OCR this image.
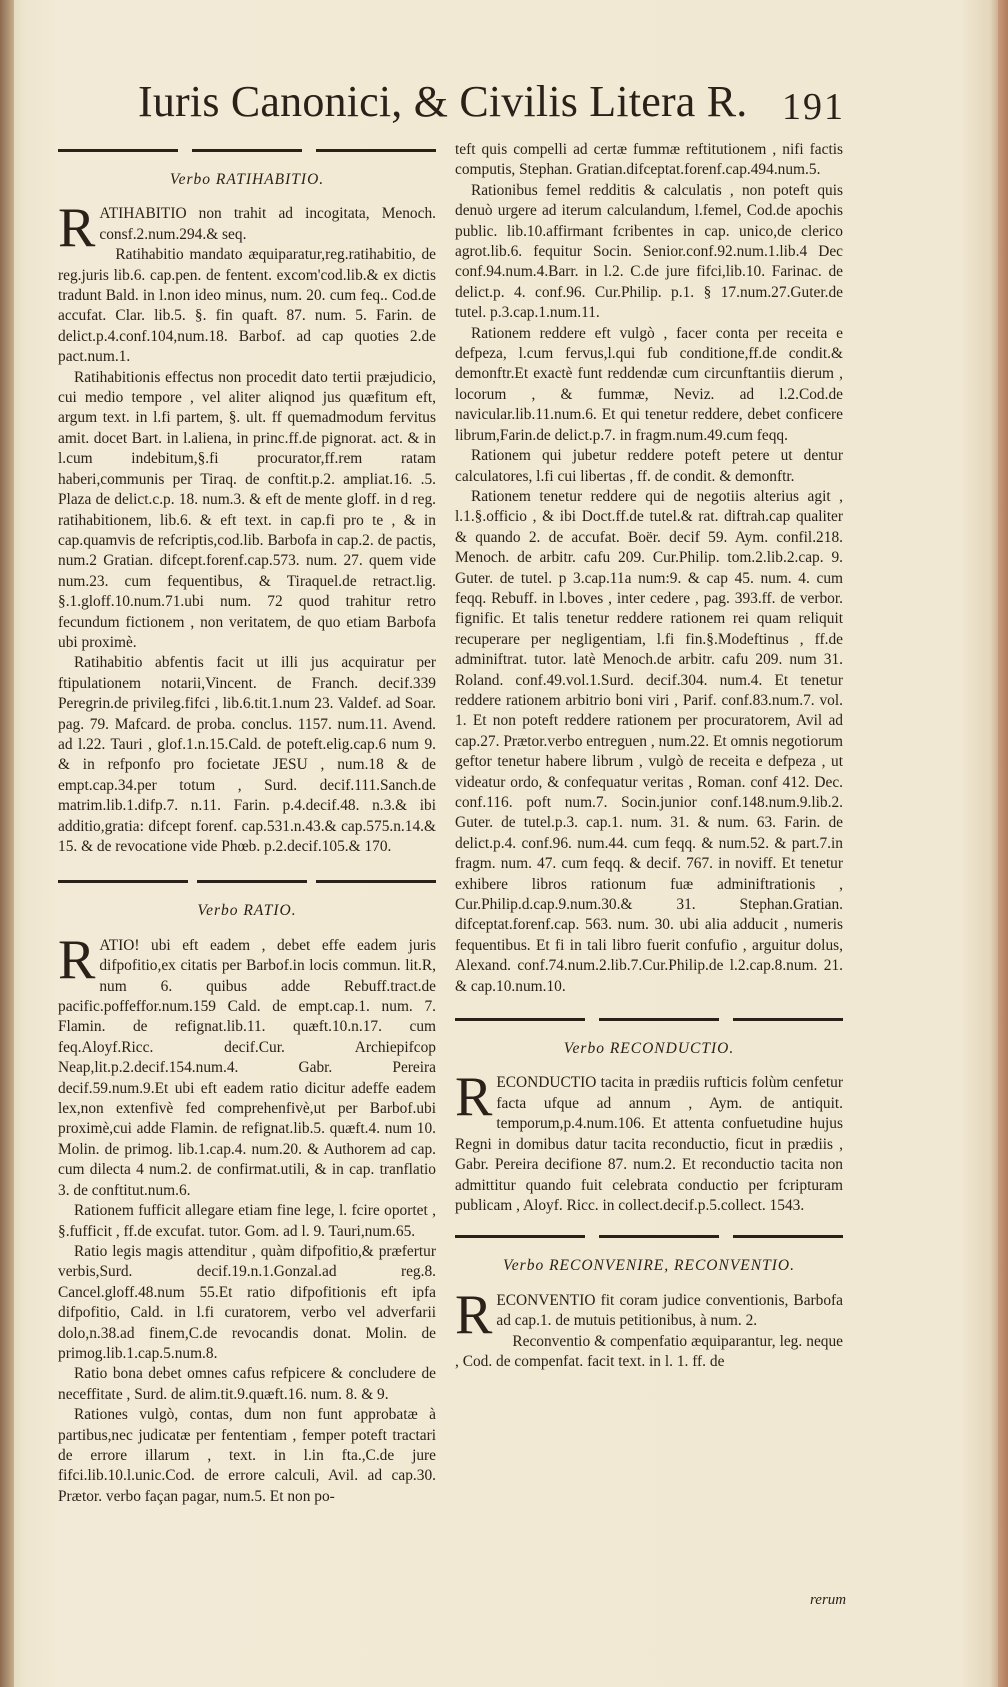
Iuris Canonici, & Civilis Litera R. 191
Verbo RATIHABITIO.

RATIHABITIO non trahit ad incogitata, Menoch. consf.2.num.294.& seq.

Ratihabitio mandato æquiparatur,reg.ratihabitio, de reg.juris lib.6. cap.pen. de fentent. excom'cod.lib.& ex dictis tradunt Bald. in l.non ideo minus, num. 20. cum feq.. Cod.de accufat. Clar. lib.5. §. fin quaft. 87. num. 5. Farin. de delict.p.4.conf.104,num.18. Barbof. ad cap quoties 2.de pact.num.1.

Ratihabitionis effectus non procedit dato tertii præjudicio, cui medio tempore , vel aliter aliqnod jus quæfitum eft, argum text. in l.fi partem, §. ult. ff quemadmodum fervitus amit. docet Bart. in l.aliena, in princ.ff.de pignorat. act. & in l.cum indebitum,§.fi procurator,ff.rem ratam haberi,communis per Tiraq. de conftit.p.2. ampliat.16. .5. Plaza de delict.c.p. 18. num.3. & eft de mente gloff. in d reg. ratihabitionem, lib.6. & eft text. in cap.fi pro te , & in cap.quamvis de refcriptis,cod.lib. Barbofa in cap.2. de pactis, num.2 Gratian. difcept.forenf.cap.573. num. 27. quem vide num.23. cum fequentibus, & Tiraquel.de retract.lig. §.1.gloff.10.num.71.ubi num. 72 quod trahitur retro fecundum fictionem , non veritatem, de quo etiam Barbofa ubi proximè.

Ratihabitio abfentis facit ut illi jus acquiratur per ftipulationem notarii,Vincent. de Franch. decif.339 Peregrin.de privileg.fifci , lib.6.tit.1.num 23. Valdef. ad Soar. pag. 79. Mafcard. de proba. conclus. 1157. num.11. Avend. ad l.22. Tauri , glof.1.n.15.Cald. de poteft.elig.cap.6 num 9. & in refponfo pro focietate JESU , num.18 & de empt.cap.34.per totum , Surd. decif.111.Sanch.de matrim.lib.1.difp.7. n.11. Farin. p.4.decif.48. n.3.& ibi additio,gratia: difcept forenf. cap.531.n.43.& cap.575.n.14.& 15. & de revocatione vide Phœb. p.2.decif.105.& 170.

Verbo RATIO.

RATIO! ubi eft eadem , debet effe eadem juris difpofitio,ex citatis per Barbof.in locis commun. lit.R, num 6. quibus adde Rebuff.tract.de pacific.poffeffor.num.159 Cald. de empt.cap.1. num. 7. Flamin. de refignat.lib.11. quæft.10.n.17. cum feq.Aloyf.Ricc. decif.Cur. Archiepifcop Neap,lit.p.2.decif.154.num.4. Gabr. Pereira decif.59.num.9.Et ubi eft eadem ratio dicitur adeffe eadem lex,non extenfivè fed comprehenfivè,ut per Barbof.ubi proximè,cui adde Flamin. de refignat.lib.5. quæft.4. num 10. Molin. de primog. lib.1.cap.4. num.20. & Authorem ad cap. cum dilecta 4 num.2. de confirmat.utili, & in cap. tranflatio 3. de conftitut.num.6.

Rationem fufficit allegare etiam fine lege, l. fcire oportet , §.fufficit , ff.de excufat. tutor. Gom. ad l. 9. Tauri,num.65.

Ratio legis magis attenditur , quàm difpofitio,& præfertur verbis,Surd. decif.19.n.1.Gonzal.ad reg.8. Cancel.gloff.48.num 55.Et ratio difpofitionis eft ipfa difpofitio, Cald. in l.fi curatorem, verbo vel adverfarii dolo,n.38.ad finem,C.de revocandis donat. Molin. de primog.lib.1.cap.5.num.8.

Ratio bona debet omnes cafus refpicere & concludere de neceffitate , Surd. de alim.tit.9.quæft.16. num. 8. & 9.

Rationes vulgò, contas, dum non funt approbatæ à partibus,nec judicatæ per fententiam , femper poteft tractari de errore illarum , text. in l.in fta.,C.de jure fifci.lib.10.l.unic.Cod. de errore calculi, Avil. ad cap.30. Prætor. verbo façan pagar, num.5. Et non po-

teft quis compelli ad certæ fummæ reftitutionem , nifi factis computis, Stephan. Gratian.difceptat.forenf.cap.494.num.5.

Rationibus femel redditis & calculatis , non poteft quis denuò urgere ad iterum calculandum, l.femel, Cod.de apochis public. lib.10.affirmant fcribentes in cap. unico,de clerico agrot.lib.6. fequitur Socin. Senior.conf.92.num.1.lib.4 Dec conf.94.num.4.Barr. in l.2. C.de jure fifci,lib.10. Farinac. de delict.p. 4. conf.96. Cur.Philip. p.1. § 17.num.27.Guter.de tutel. p.3.cap.1.num.11.

Rationem reddere eft vulgò , facer conta per receita e defpeza, l.cum fervus,l.qui fub conditione,ff.de condit.& demonftr.Et exactè funt reddendæ cum circunftantiis dierum , locorum , & fummæ, Neviz. ad l.2.Cod.de navicular.lib.11.num.6. Et qui tenetur reddere, debet conficere librum,Farin.de delict.p.7. in fragm.num.49.cum feqq.

Rationem qui jubetur reddere poteft petere ut dentur calculatores, l.fi cui libertas , ff. de condit. & demonftr.

Rationem tenetur reddere qui de negotiis alterius agit , l.1.§.officio , & ibi Doct.ff.de tutel.& rat. diftrah.cap qualiter & quando 2. de accufat. Boër. decif 59. Aym. confil.218. Menoch. de arbitr. cafu 209. Cur.Philip. tom.2.lib.2.cap. 9. Guter. de tutel. p 3.cap.11a num:9. & cap 45. num. 4. cum feqq. Rebuff. in l.boves , inter cedere , pag. 393.ff. de verbor. fignific. Et talis tenetur reddere rationem rei quam reliquit recuperare per negligentiam, l.fi fin.§.Modeftinus , ff.de adminiftrat. tutor. latè Menoch.de arbitr. cafu 209. num 31. Roland. conf.49.vol.1.Surd. decif.304. num.4. Et tenetur reddere rationem arbitrio boni viri , Parif. conf.83.num.7. vol. 1. Et non poteft reddere rationem per procuratorem, Avil ad cap.27. Prætor.verbo entreguen , num.22. Et omnis negotiorum geftor tenetur habere librum , vulgò de receita e defpeza , ut videatur ordo, & confequatur veritas , Roman. conf 412. Dec. conf.116. poft num.7. Socin.junior conf.148.num.9.lib.2. Guter. de tutel.p.3. cap.1. num. 31. & num. 63. Farin. de delict.p.4. conf.96. num.44. cum feqq. & num.52. & part.7.in fragm. num. 47. cum feqq. & decif. 767. in noviff. Et tenetur exhibere libros rationum fuæ adminiftrationis , Cur.Philip.d.cap.9.num.30.& 31. Stephan.Gratian. difceptat.forenf.cap. 563. num. 30. ubi alia adducit , numeris fequentibus. Et fi in tali libro fuerit confufio , arguitur dolus, Alexand. conf.74.num.2.lib.7.Cur.Philip.de l.2.cap.8.num. 21. & cap.10.num.10.

Verbo RECONDUCTIO.

RECONDUCTIO tacita in prædiis rufticis folùm cenfetur facta ufque ad annum , Aym. de antiquit. temporum,p.4.num.106. Et attenta confuetudine hujus Regni in domibus datur tacita reconductio, ficut in prædiis , Gabr. Pereira decifione 87. num.2. Et reconductio tacita non admittitur quando fuit celebrata conductio per fcripturam publicam , Aloyf. Ricc. in collect.decif.p.5.collect. 1543.

Verbo RECONVENIRE, RECONVENTIO.

RECONVENTIO fit coram judice conventionis, Barbofa ad cap.1. de mutuis petitionibus, à num. 2.

Reconventio & compenfatio æquiparantur, leg. neque , Cod. de compenfat. facit text. in l. 1. ff. de

rerum
